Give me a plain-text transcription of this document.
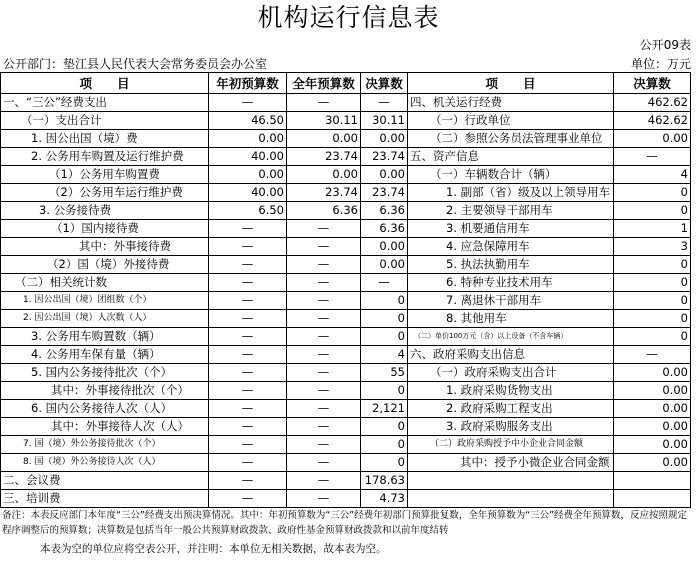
机构运行信息表
公开09表
公开部门：垫江县人民代表大会常务委员会办公室	单位：万元
项　　目	年初预算数	全年预算数	决算数	项　　目	决算数
一、“三公”经费支出	—	—	—	四、机关运行经费	462.62
（一）支出合计	46.50	30.11	30.11	（一）行政单位	462.62
1. 因公出国（境）费	0.00	0.00	0.00	（二）参照公务员法管理事业单位	0.00
2. 公务用车购置及运行维护费	40.00	23.74	23.74	五、资产信息	—
（1）公务用车购置费	0.00	0.00	0.00	（一）车辆数合计（辆）	4
（2）公务用车运行维护费	40.00	23.74	23.74	1. 副部（省）级及以上领导用车	0
3. 公务接待费	6.50	6.36	6.36	2. 主要领导干部用车	0
（1）国内接待费	—	—	6.36	3. 机要通信用车	1
其中：外事接待费	—	—	0.00	4. 应急保障用车	3
（2）国（境）外接待费	—	—	0.00	5. 执法执勤用车	0
（二）相关统计数	—	—	—	6. 特种专业技术用车	0
1. 因公出国（境）团组数（个）	—	—	0	7. 离退休干部用车	0
2. 因公出国（境）人次数（人）	—	—	0	8. 其他用车	0
3. 公务用车购置数（辆）	—	—	0	（二）单价100万元（含）以上设备（不含车辆）	0
4. 公务用车保有量（辆）	—	—	4	六、政府采购支出信息	—
5. 国内公务接待批次（个）	—	—	55	（一）政府采购支出合计	0.00
其中：外事接待批次（个）	—	—	0	1. 政府采购货物支出	0.00
6. 国内公务接待人次（人）	—	—	2,121	2. 政府采购工程支出	0.00
其中：外事接待人次（人）	—	—	0	3. 政府采购服务支出	0.00
7. 国（境）外公务接待批次（个）	—	—	0	（二）政府采购授予中小企业合同金额	0.00
8. 国（境）外公务接待人次（人）	—	—	0	其中：授予小微企业合同金额	0.00
二、会议费	—	—	178.63		
三、培训费	—	—	4.73		
备注：本表反应部门本年度“三公”经费支出预决算情况。其中：年初预算数为“三公”经费年初部门预算批复数，全年预算数为“三公”经费全年预算数，反应按照规定程序调整后的预算数；决算数是包括当年一般公共预算财政拨款、政府性基金预算财政拨款和以前年度结转
本表为空的单位应将空表公开，并注明：本单位无相关数据，故本表为空。
